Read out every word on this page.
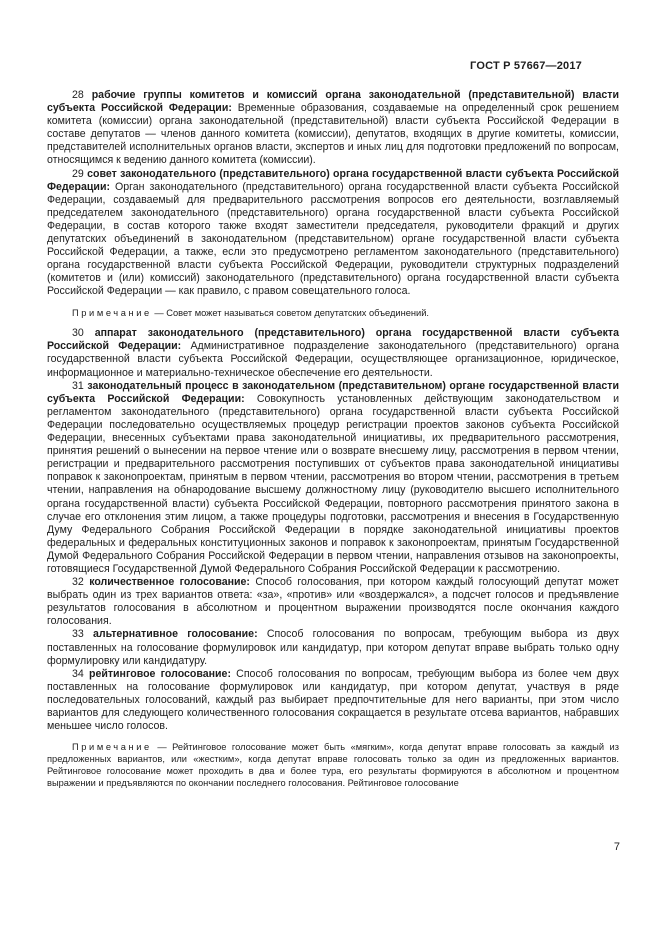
ГОСТ Р 57667—2017

28 рабочие группы комитетов и комиссий органа законодательной (представительной) власти субъекта Российской Федерации: Временные образования, создаваемые на определенный срок решением комитета (комиссии) органа законодательной (представительной) власти субъекта Российской Федерации в составе депутатов — членов данного комитета (комиссии), депутатов, входящих в другие комитеты, комиссии, представителей исполнительных органов власти, экспертов и иных лиц для подготовки предложений по вопросам, относящимся к ведению данного комитета (комиссии).

29 совет законодательного (представительного) органа государственной власти субъекта Российской Федерации: Орган законодательного (представительного) органа государственной власти субъекта Российской Федерации, создаваемый для предварительного рассмотрения вопросов его деятельности, возглавляемый председателем законодательного (представительного) органа государственной власти субъекта Российской Федерации, в состав которого также входят заместители председателя, руководители фракций и других депутатских объединений в законодательном (представительном) органе государственной власти субъекта Российской Федерации, а также, если это предусмотрено регламентом законодательного (представительного) органа государственной власти субъекта Российской Федерации, руководители структурных подразделений (комитетов и (или) комиссий) законодательного (представительного) органа государственной власти субъекта Российской Федерации — как правило, с правом совещательного голоса.

Примечание — Совет может называться советом депутатских объединений.

30 аппарат законодательного (представительного) органа государственной власти субъекта Российской Федерации: Административное подразделение законодательного (представительного) органа государственной власти субъекта Российской Федерации, осуществляющее организационное, юридическое, информационное и материально-техническое обеспечение его деятельности.

31 законодательный процесс в законодательном (представительном) органе государственной власти субъекта Российской Федерации: Совокупность установленных действующим законодательством и регламентом законодательного (представительного) органа государственной власти субъекта Российской Федерации последовательно осуществляемых процедур регистрации проектов законов субъекта Российской Федерации, внесенных субъектами права законодательной инициативы, их предварительного рассмотрения, принятия решений о вынесении на первое чтение или о возврате внесшему лицу, рассмотрения в первом чтении, регистрации и предварительного рассмотрения поступивших от субъектов права законодательной инициативы поправок к законопроектам, принятым в первом чтении, рассмотрения во втором чтении, рассмотрения в третьем чтении, направления на обнародование высшему должностному лицу (руководителю высшего исполнительного органа государственной власти) субъекта Российской Федерации, повторного рассмотрения принятого закона в случае его отклонения этим лицом, а также процедуры подготовки, рассмотрения и внесения в Государственную Думу Федерального Собрания Российской Федерации в порядке законодательной инициативы проектов федеральных и федеральных конституционных законов и поправок к законопроектам, принятым Государственной Думой Федерального Собрания Российской Федерации в первом чтении, направления отзывов на законопроекты, готовящиеся Государственной Думой Федерального Собрания Российской Федерации к рассмотрению.

32 количественное голосование: Способ голосования, при котором каждый голосующий депутат может выбрать один из трех вариантов ответа: «за», «против» или «воздержался», а подсчет голосов и предъявление результатов голосования в абсолютном и процентном выражении производятся после окончания каждого голосования.

33 альтернативное голосование: Способ голосования по вопросам, требующим выбора из двух поставленных на голосование формулировок или кандидатур, при котором депутат вправе выбрать только одну формулировку или кандидатуру.

34 рейтинговое голосование: Способ голосования по вопросам, требующим выбора из более чем двух поставленных на голосование формулировок или кандидатур, при котором депутат, участвуя в ряде последовательных голосований, каждый раз выбирает предпочтительные для него варианты, при этом число вариантов для следующего количественного голосования сокращается в результате отсева вариантов, набравших меньшее число голосов.

Примечание — Рейтинговое голосование может быть «мягким», когда депутат вправе голосовать за каждый из предложенных вариантов, или «жестким», когда депутат вправе голосовать только за один из предложенных вариантов. Рейтинговое голосование может проходить в два и более тура, его результаты формируются в абсолютном и процентном выражении и предъявляются по окончании последнего голосования. Рейтинговое голосование

7
